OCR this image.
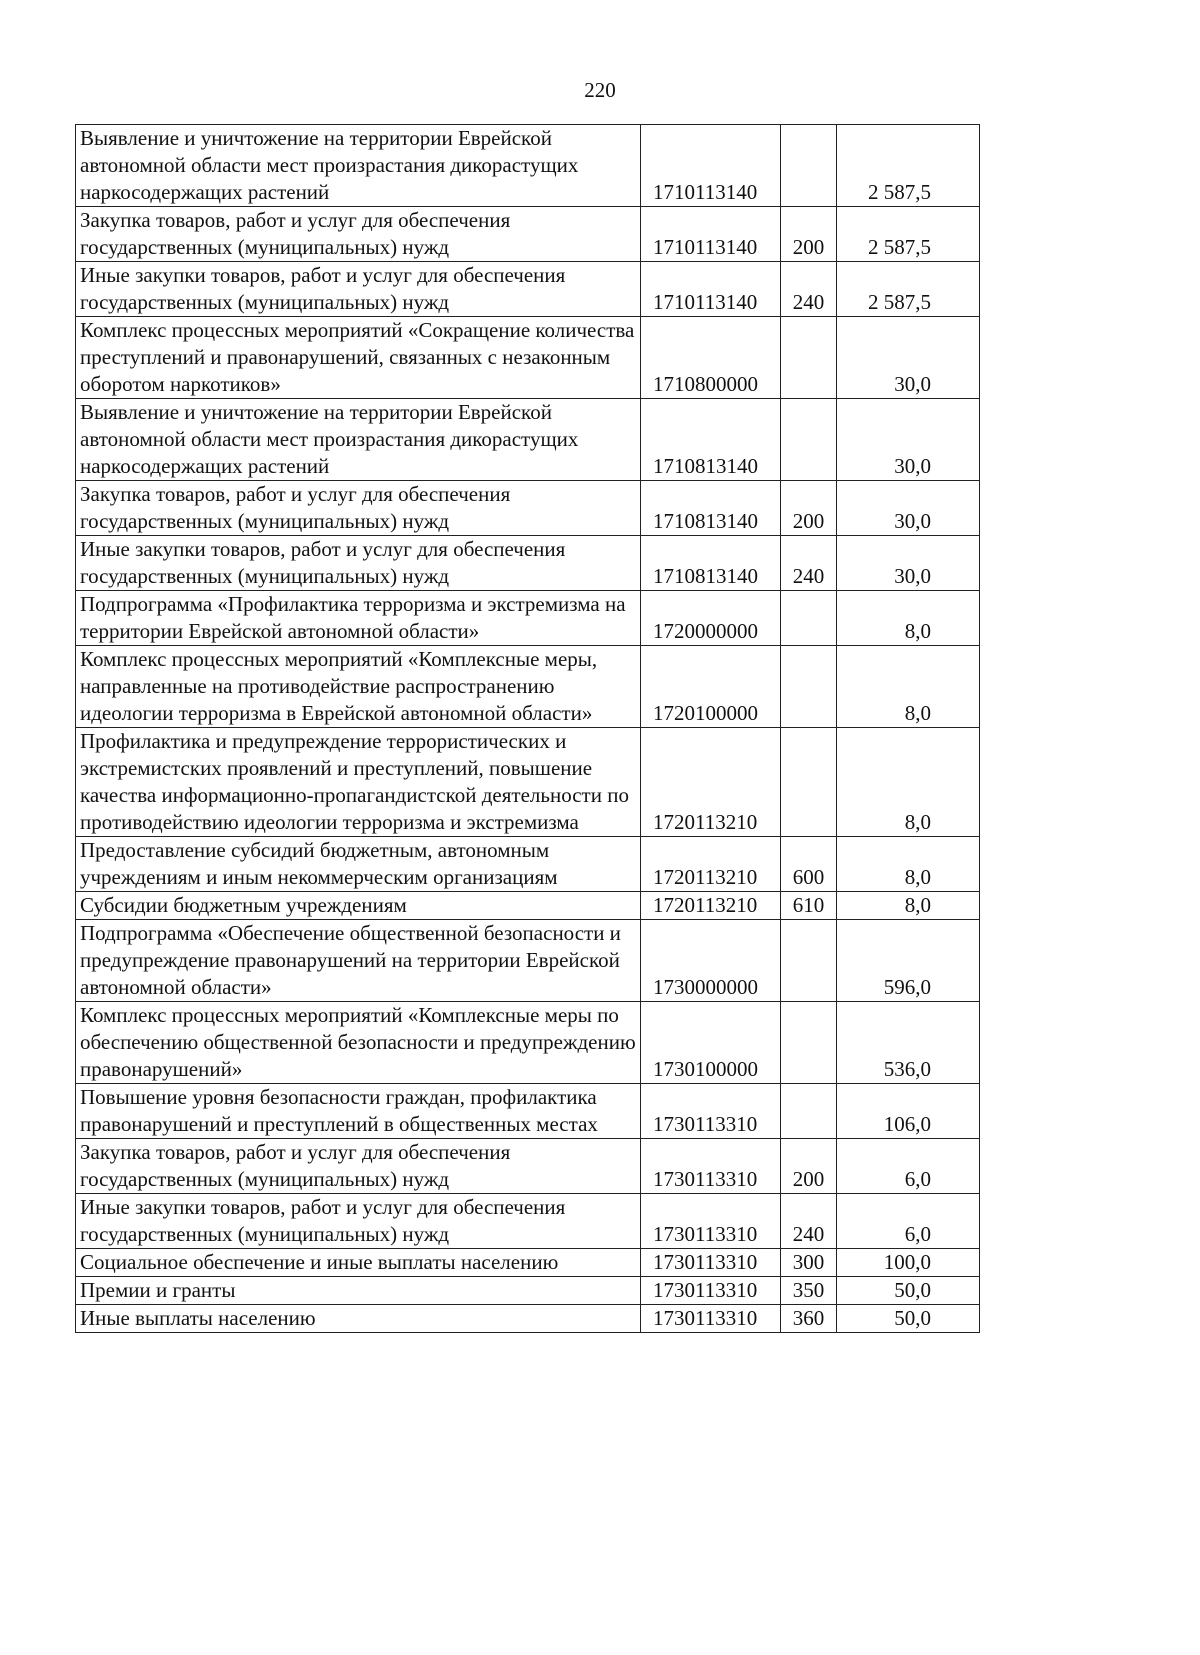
220
Выявление и уничтожение на территории Еврейской автономной области мест произрастания дикорастущих наркосодержащих растений	1710113140		2 587,5
Закупка товаров, работ и услуг для обеспечения государственных (муниципальных) нужд	1710113140	200	2 587,5
Иные закупки товаров, работ и услуг для обеспечения государственных (муниципальных) нужд	1710113140	240	2 587,5
Комплекс процессных мероприятий «Сокращение количества преступлений и правонарушений, связанных с незаконным оборотом наркотиков»	1710800000		30,0
Выявление и уничтожение на территории Еврейской автономной области мест произрастания дикорастущих наркосодержащих растений	1710813140		30,0
Закупка товаров, работ и услуг для обеспечения государственных (муниципальных) нужд	1710813140	200	30,0
Иные закупки товаров, работ и услуг для обеспечения государственных (муниципальных) нужд	1710813140	240	30,0
Подпрограмма «Профилактика терроризма и экстремизма на территории Еврейской автономной области»	1720000000		8,0
Комплекс процессных мероприятий «Комплексные меры, направленные на противодействие распространению идеологии терроризма в Еврейской автономной области»	1720100000		8,0
Профилактика и предупреждение террористических и экстремистских проявлений и преступлений, повышение качества информационно-пропагандистской деятельности по противодействию идеологии терроризма и экстремизма	1720113210		8,0
Предоставление субсидий бюджетным, автономным учреждениям и иным некоммерческим организациям	1720113210	600	8,0
Субсидии бюджетным учреждениям	1720113210	610	8,0
Подпрограмма «Обеспечение общественной безопасности и предупреждение правонарушений на территории Еврейской автономной области»	1730000000		596,0
Комплекс процессных мероприятий «Комплексные меры по обеспечению общественной безопасности и предупреждению правонарушений»	1730100000		536,0
Повышение уровня безопасности граждан, профилактика правонарушений и преступлений в общественных местах	1730113310		106,0
Закупка товаров, работ и услуг для обеспечения государственных (муниципальных) нужд	1730113310	200	6,0
Иные закупки товаров, работ и услуг для обеспечения государственных (муниципальных) нужд	1730113310	240	6,0
Социальное обеспечение и иные выплаты населению	1730113310	300	100,0
Премии и гранты	1730113310	350	50,0
Иные выплаты населению	1730113310	360	50,0
